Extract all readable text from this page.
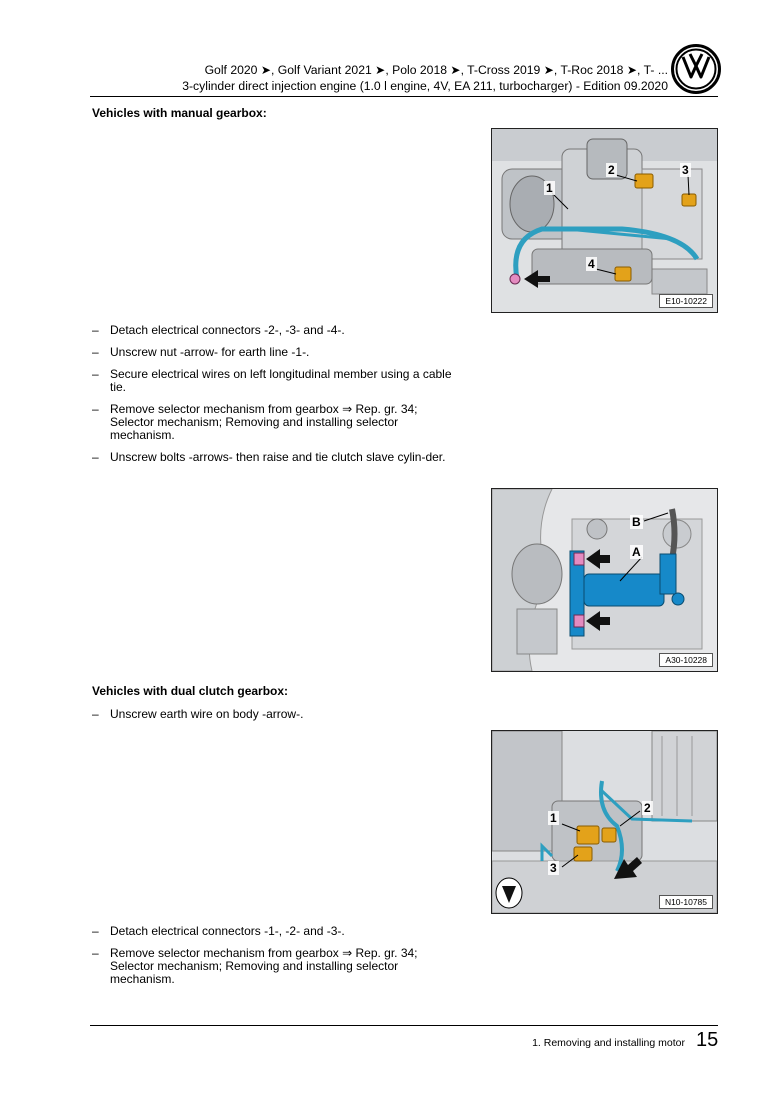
Golf 2020 ➤, Golf Variant 2021 ➤, Polo 2018 ➤, T-Cross 2019 ➤, T-Roc 2018 ➤, T- ...
3-cylinder direct injection engine (1.0 l engine, 4V, EA 211, turbocharger) - Edition 09.2020
Vehicles with manual gearbox:
1
2	3
4
E10-10222
– Detach electrical connectors -2-, -3- and -4-.
– Unscrew nut -arrow- for earth line -1-.
– Secure electrical wires on left longitudinal member using a cable tie.
– Remove selector mechanism from gearbox ⇒ Rep. gr. 34; Selector mechanism; Removing and installing selector mechanism.
– Unscrew bolts -arrows- then raise and tie clutch slave cylin-der.
B
A
A30-10228
Vehicles with dual clutch gearbox:
– Unscrew earth wire on body -arrow-.
1
2
3
N10-10785
– Detach electrical connectors -1-, -2- and -3-.
– Remove selector mechanism from gearbox ⇒ Rep. gr. 34; Selector mechanism; Removing and installing selector mechanism.
1. Removing and installing motor 15
